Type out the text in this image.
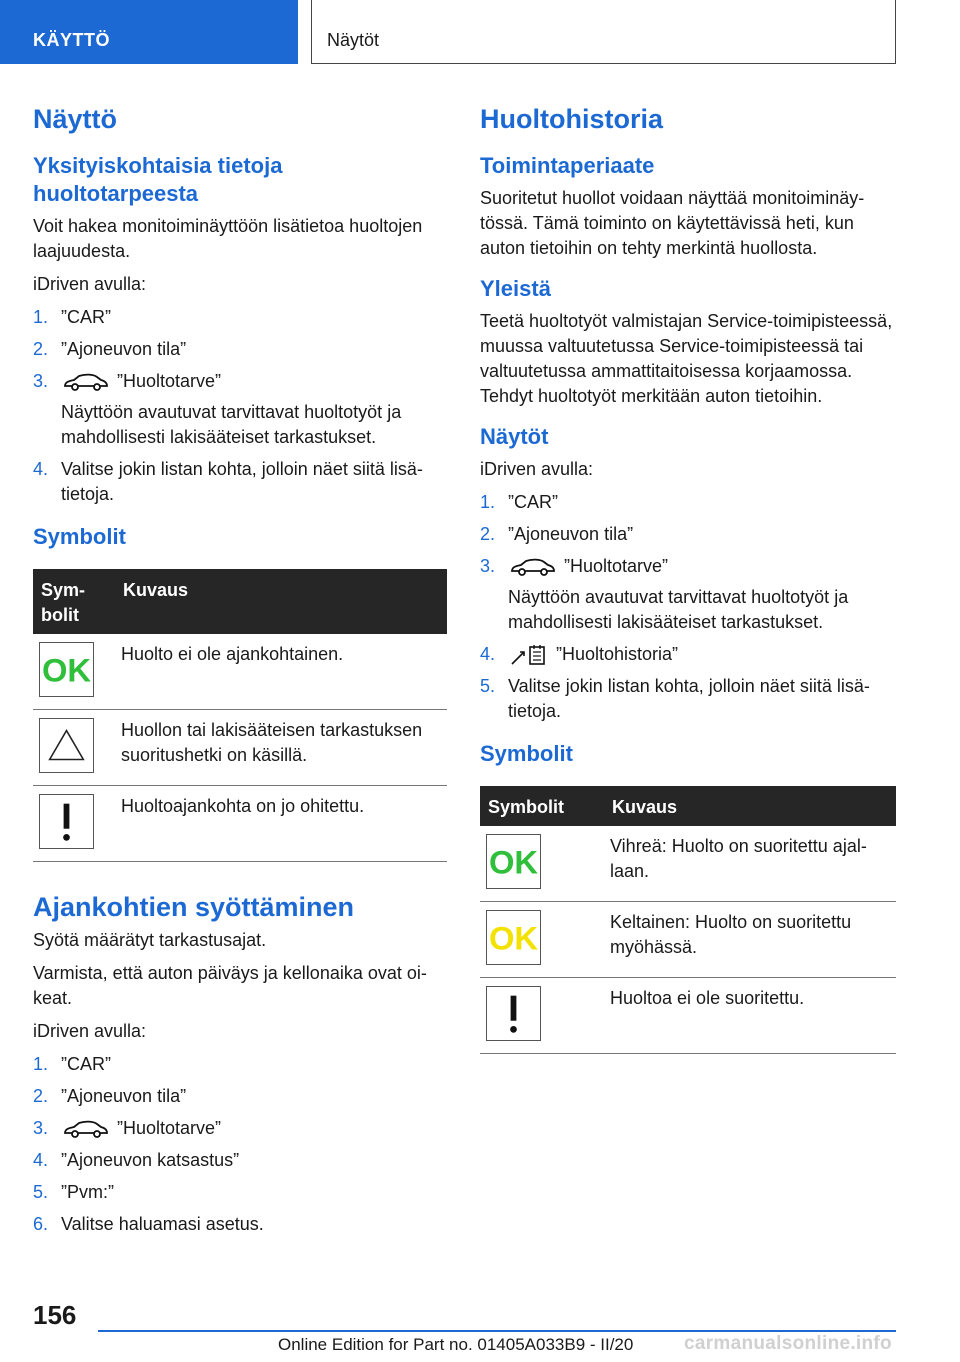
KÄYTTÖ	Näytöt
Näyttö
Yksityiskohtaisia tietoja huoltotarpeesta

Voit hakea monitoiminäyttöön lisätietoa huoltojen laajuudesta.

iDriven avulla:

1. ”CAR”
2. ”Ajoneuvon tila”
3.	”Huoltotarve”
Näyttöön avautuvat tarvittavat huoltotyöt ja mahdollisesti lakisääteiset tarkastukset.
4. Valitse jokin listan kohta, jolloin näet siitä lisätietoja.
Symbolit
Symbolit	Kuvaus

OK	Huolto ei ole ajankohtainen.

	Huollon tai lakisääteisen tarkastuksen suoritushetki on käsillä.

	Huoltoajankohta on jo ohitettu.
Ajankohtien syöttäminen

Syötä määrätyt tarkastusajat.

Varmista, että auton päiväys ja kellonaika ovat oikeat.

iDriven avulla:

1. ”CAR”
2. ”Ajoneuvon tila”
3.	”Huoltotarve”
4. ”Ajoneuvon katsastus”
5. ”Pvm:”
6. Valitse haluamasi asetus.
Huoltohistoria
Toimintaperiaate

Suoritetut huollot voidaan näyttää monitoiminäytössä. Tämä toiminto on käytettävissä heti, kun auton tietoihin on tehty merkintä huollosta.

Yleistä

Teetä huoltotyöt valmistajan Service-toimipisteessä, muussa valtuutetussa Service-toimipisteessä tai valtuutetussa ammattitaitoisessa korjaamossa. Tehdyt huoltotyöt merkitään auton tietoihin.

Näytöt

iDriven avulla:

1. ”CAR”
2. ”Ajoneuvon tila”
3.	”Huoltotarve”
Näyttöön avautuvat tarvittavat huoltotyöt ja mahdollisesti lakisääteiset tarkastukset.
4.	”Huoltohistoria”
5. Valitse jokin listan kohta, jolloin näet siitä lisätietoja.
Symbolit
Symbolit	Kuvaus

OK	Vihreä: Huolto on suoritettu ajallaan.

OK	Keltainen: Huolto on suoritettu myöhässä.

	Huoltoa ei ole suoritettu.
156
Online Edition for Part no. 01405A033B9 - II/20	carmanualsonline.info
